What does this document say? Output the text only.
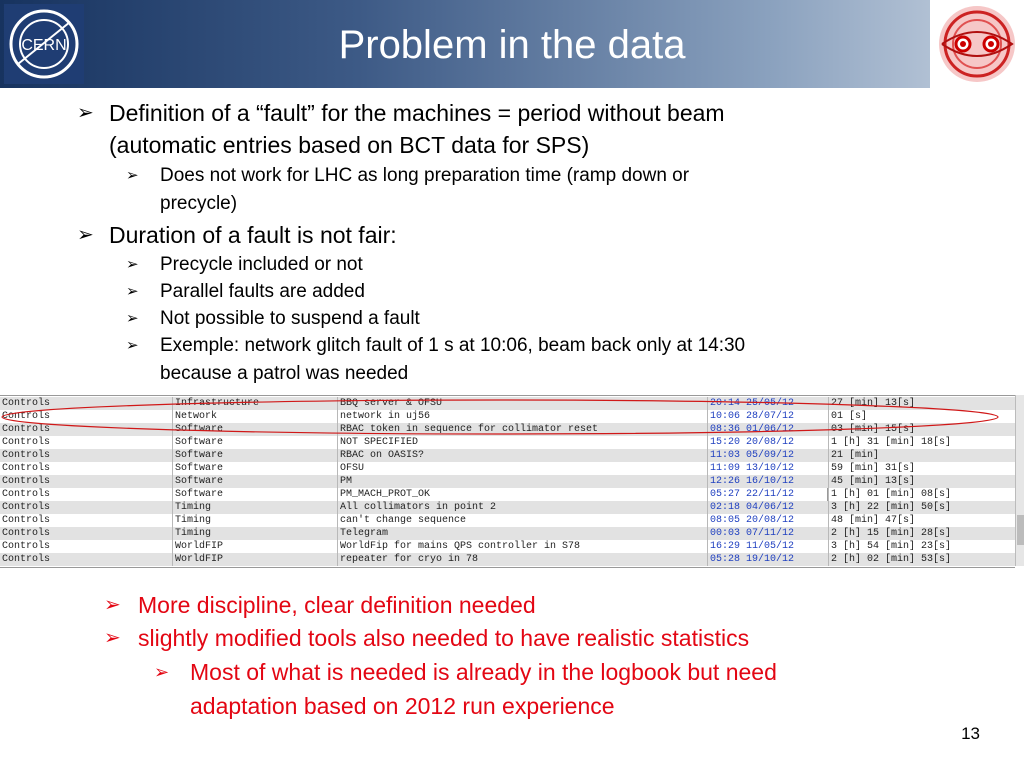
CERN	Problem in the data
➢ Definition of a “fault” for the machines = period without beam
(automatic entries based on BCT data for SPS)
➢ Does not work for LHC as long preparation time (ramp down or
precycle)
➢ Duration of a fault is not fair:
➢ Precycle included or not
➢ Parallel faults are added
➢ Not possible to suspend a fault
➢ Exemple: network glitch fault of 1 s at 10:06, beam back only at 14:30
because a patrol was needed
Controls	Infrastructure	BBQ server & OFSU	20:14 25/05/12	27 [min] 13[s]
Controls	Network	network in uj56	10:06 28/07/12	01 [s]
Controls	Software	RBAC token in sequence for collimator reset	08:36 01/06/12	03 [min] 15[s]
Controls	Software	NOT SPECIFIED	15:20 20/08/12	1 [h] 31 [min] 18[s]
Controls	Software	RBAC on OASIS?	11:03 05/09/12	21 [min]
Controls	Software	OFSU	11:09 13/10/12	59 [min] 31[s]
Controls	Software	PM	12:26 16/10/12	45 [min] 13[s]
Controls	Software	PM_MACH_PROT_OK	05:27 22/11/12	1 [h] 01 [min] 08[s]
Controls	Timing	All collimators in point 2	02:18 04/06/12	3 [h] 22 [min] 50[s]
Controls	Timing	can't change sequence	08:05 20/08/12	48 [min] 47[s]
Controls	Timing	Telegram	00:03 07/11/12	2 [h] 15 [min] 28[s]
Controls	WorldFIP	WorldFip for mains QPS controller in S78	16:29 11/05/12	3 [h] 54 [min] 23[s]
Controls	WorldFIP	repeater for cryo in 78	05:28 19/10/12	2 [h] 02 [min] 53[s]
➢ More discipline, clear definition needed
➢ slightly modified tools also needed to have realistic statistics
➢ Most of what is needed is already in the logbook but need
adaptation based on 2012 run experience
13
